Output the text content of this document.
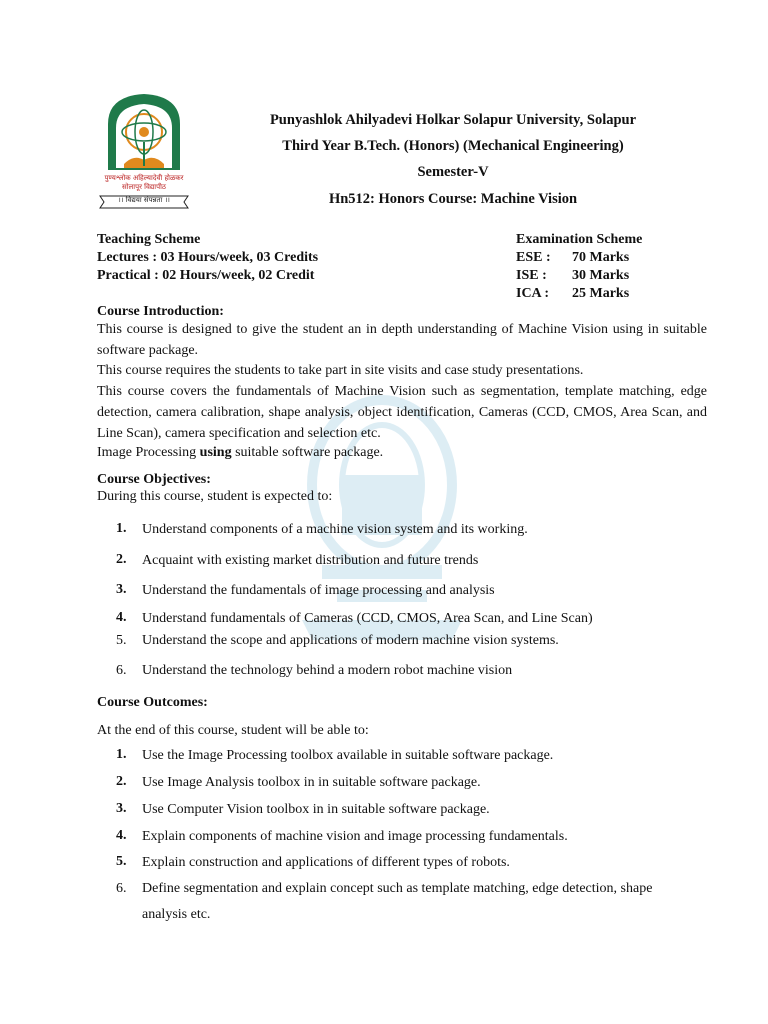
पुण्यश्लोक अहिल्यादेवी होळकर
सोलापूर विद्यापीठ
।। विद्यया संपन्नता ।।
Punyashlok Ahilyadevi Holkar Solapur University, Solapur
Third Year B.Tech. (Honors) (Mechanical Engineering)
Semester-V
Hn512: Honors Course: Machine Vision
Teaching Scheme
Lectures : 03 Hours/week, 03 Credits
Practical : 02 Hours/week, 02 Credit
Examination Scheme
ESE : 70 Marks
ISE : 30 Marks
ICA : 25 Marks
Course Introduction:
This course is designed to give the student an in depth understanding of Machine Vision using in suitable software package.
This course requires the students to take part in site visits and case study presentations.
This course covers the fundamentals of Machine Vision such as segmentation, template matching, edge detection, camera calibration, shape analysis, object identification, Cameras (CCD, CMOS, Area Scan, and Line Scan), camera specification and selection etc.
Image Processing using suitable software package.
Course Objectives:
During this course, student is expected to:
1. Understand components of a machine vision system and its working.
2. Acquaint with existing market distribution and future trends
3. Understand the fundamentals of image processing and analysis
4. Understand fundamentals of Cameras (CCD, CMOS, Area Scan, and Line Scan)
5. Understand the scope and applications of modern machine vision systems.
6. Understand the technology behind a modern robot machine vision
Course Outcomes:
At the end of this course, student will be able to:
1. Use the Image Processing toolbox available in suitable software package.
2. Use Image Analysis toolbox in in suitable software package.
3. Use Computer Vision toolbox in in suitable software package.
4. Explain components of machine vision and image processing fundamentals.
5. Explain construction and applications of different types of robots.
6. Define segmentation and explain concept such as template matching, edge detection, shape
analysis etc.
